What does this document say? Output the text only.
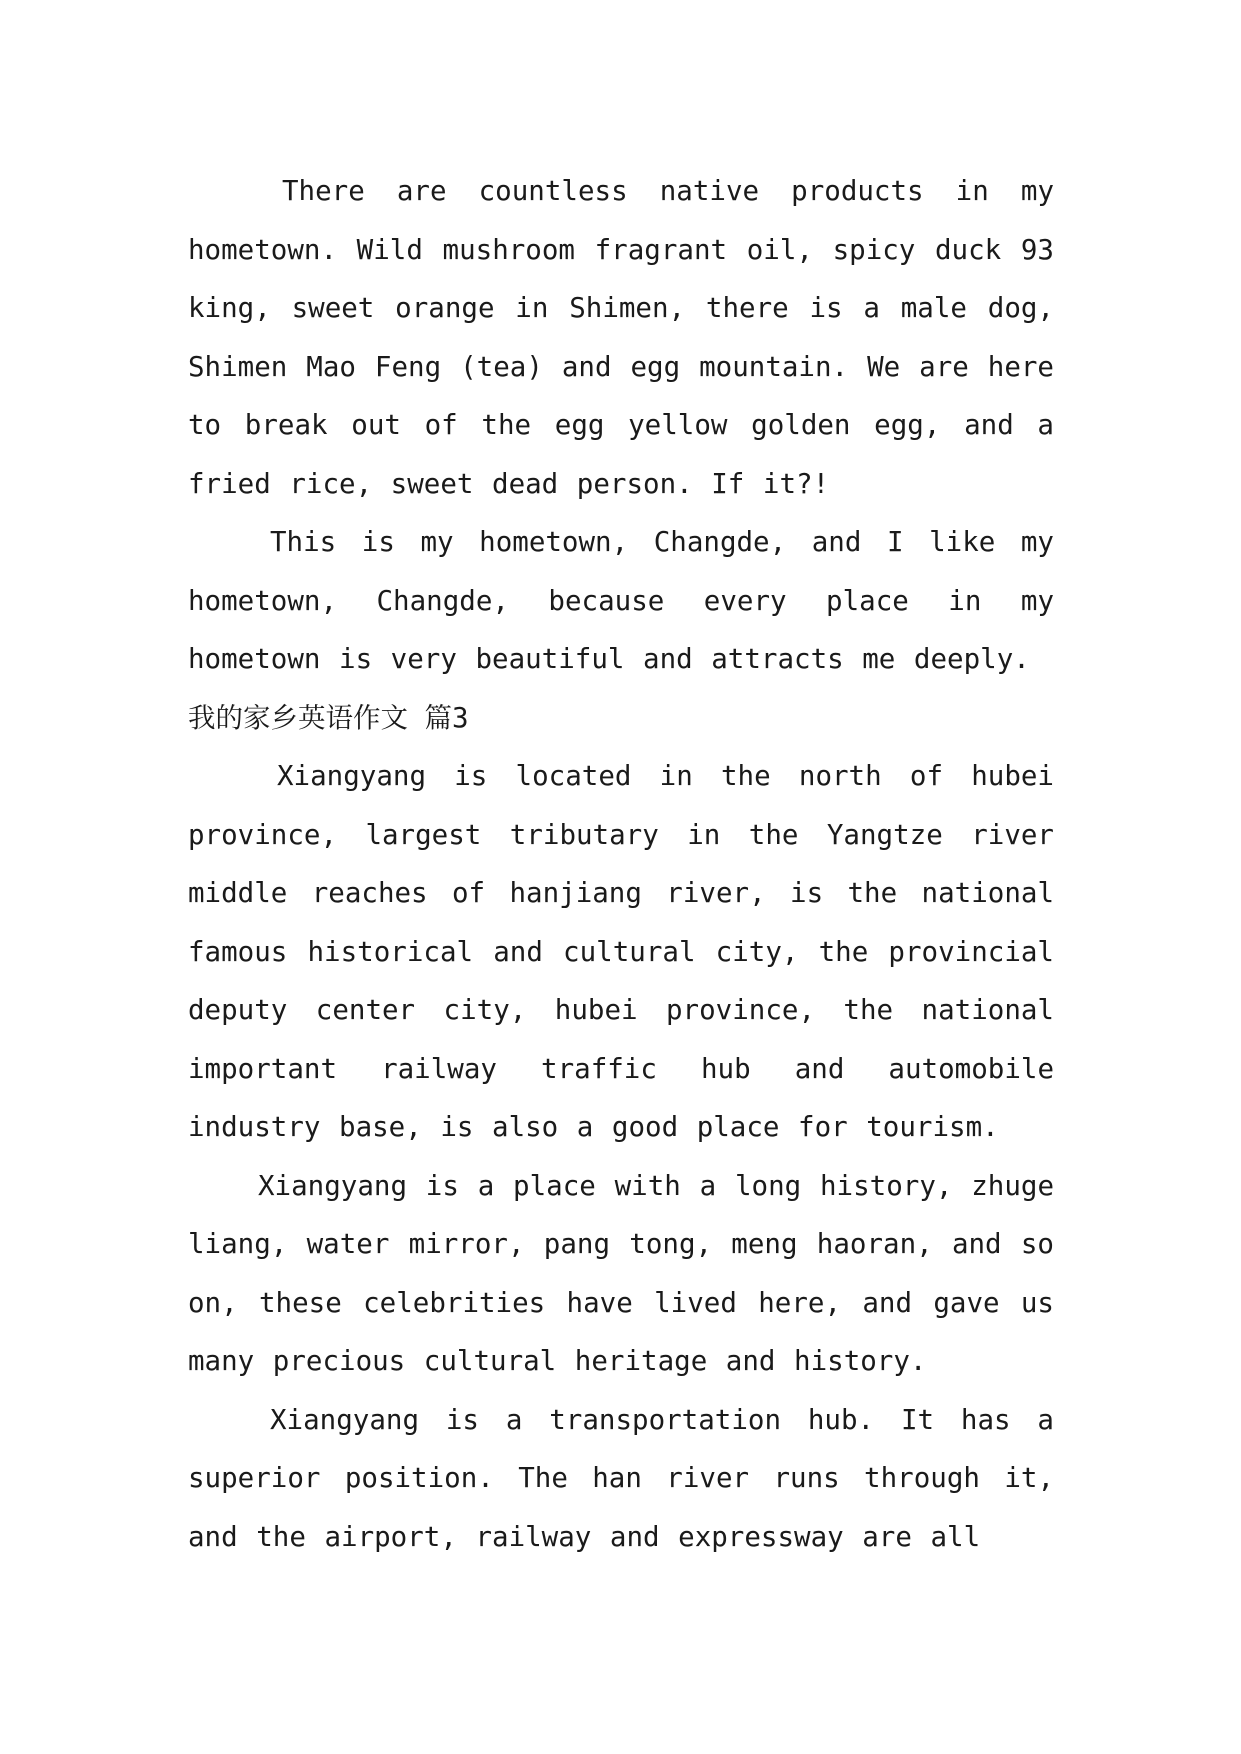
There are countless native products in my hometown. Wild mushroom fragrant oil, spicy duck 93 king, sweet orange in Shimen, there is a male dog, Shimen Mao Feng (tea) and egg mountain. We are here to break out of the egg yellow golden egg, and a fried rice, sweet dead person. If it?!

This is my hometown, Changde, and I like my hometown, Changde, because every place in my hometown is very beautiful and attracts me deeply.

我的家乡英语作文 篇3

Xiangyang is located in the north of hubei province, largest tributary in the Yangtze river middle reaches of hanjiang river, is the national famous historical and cultural city, the provincial deputy center city, hubei province, the national important railway traffic hub and automobile industry base, is also a good place for tourism.

Xiangyang is a place with a long history, zhuge liang, water mirror, pang tong, meng haoran, and so on, these celebrities have lived here, and gave us many precious cultural heritage and history.

Xiangyang is a transportation hub. It has a superior position. The han river runs through it, and the airport, railway and expressway are all
